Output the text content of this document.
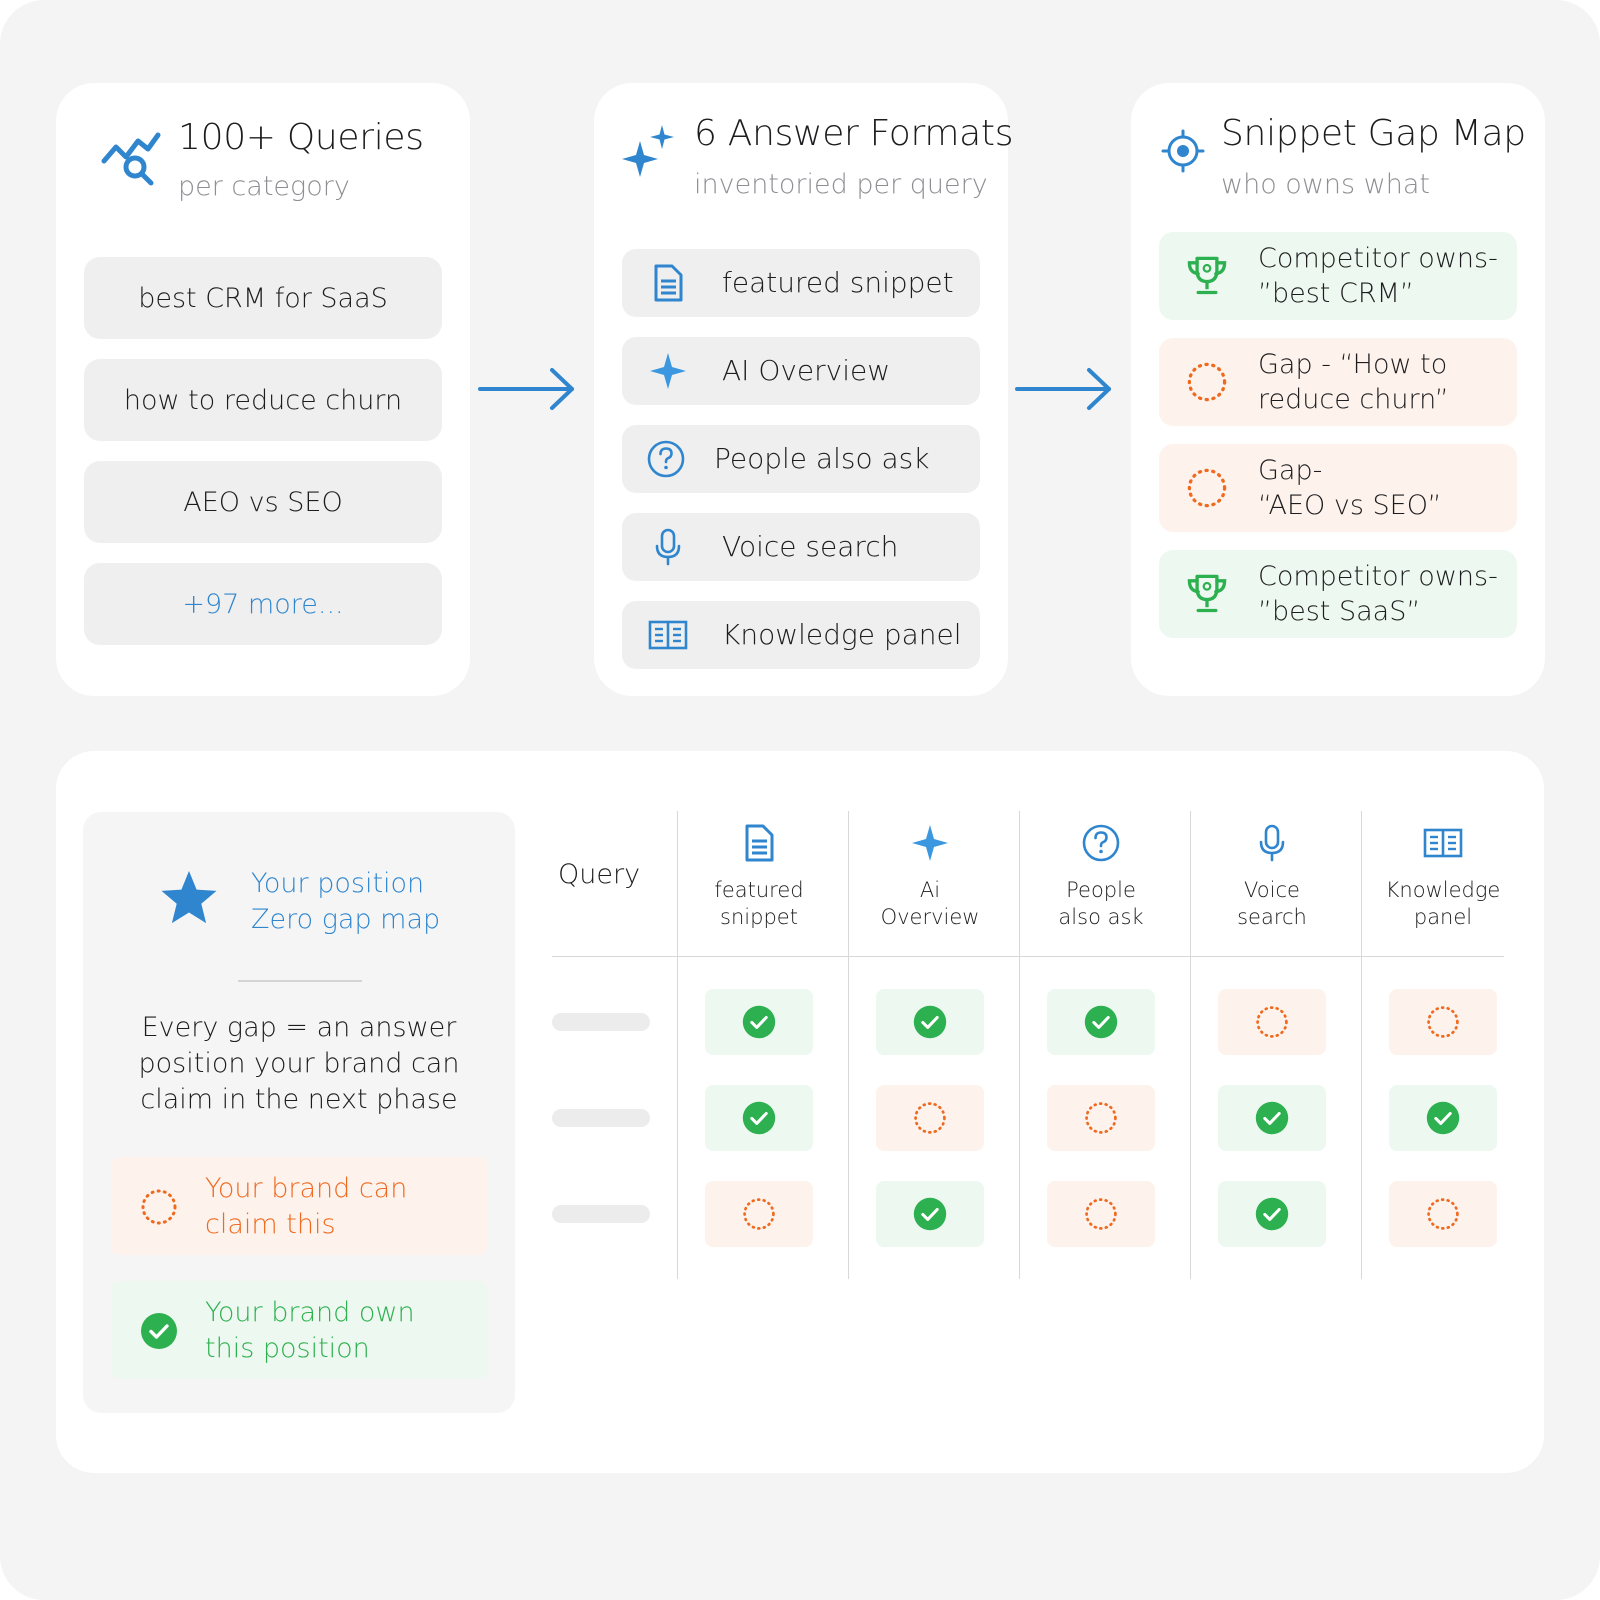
100+ Queries
per category
best CRM for SaaS
how to reduce churn
AEO vs SEO
+97 more...
6 Answer Formats
inventoried per query
featured snippet
AI Overview
People also ask
Voice search
Knowledge panel
Snippet Gap Map
who owns what
Competitor owns-
”best CRM”
Gap - “How to
reduce churn”
Gap-
“AEO vs SEO”
Competitor owns-
”best SaaS”
Your position
Zero gap map
Every gap = an answer
position your brand can
claim in the next phase
Your brand can
claim this
Your brand own
this position
Query	featured
snippet
Ai
Overview
People
also ask
Voice
search
Knowledge
panel
